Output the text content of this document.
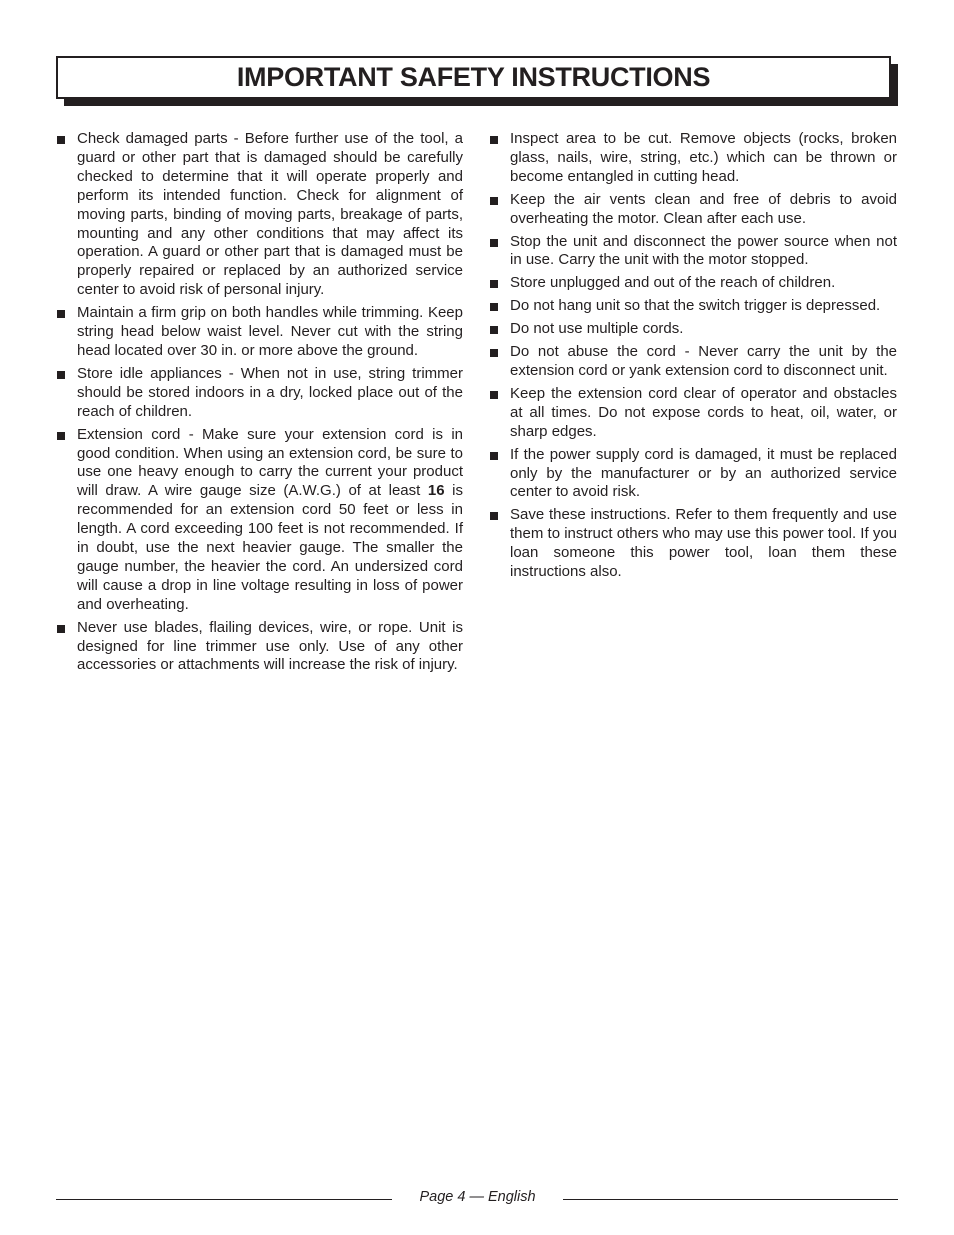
IMPORTANT SAFETY INSTRUCTIONS
Check damaged parts - Before further use of the tool, a guard or other part that is damaged should be carefully checked to determine that it will operate properly and perform its intended function. Check for alignment of moving parts, binding of moving parts, breakage of parts, mounting and any other conditions that may affect its operation. A guard or other part that is damaged must be properly repaired or replaced by an authorized service center to avoid risk of personal injury.
Maintain a firm grip on both handles while trimming. Keep string head below waist level. Never cut with the string head located over 30 in. or more above the ground.
Store idle appliances - When not in use, string trimmer should be stored indoors in a dry, locked place out of the reach of children.
Extension cord - Make sure your extension cord is in good condition. When using an extension cord, be sure to use one heavy enough to carry the current your product will draw. A wire gauge size (A.W.G.) of at least 16 is recommended for an extension cord 50 feet or less in length. A cord exceeding 100 feet is not recommended. If in doubt, use the next heavier gauge. The smaller the gauge number, the heavier the cord. An undersized cord will cause a drop in line voltage resulting in loss of power and overheating.
Never use blades, flailing devices, wire, or rope. Unit is designed for line trimmer use only. Use of any other accessories or attachments will increase the risk of injury.
Inspect area to be cut. Remove objects (rocks, broken glass, nails, wire, string, etc.) which can be thrown or become entangled in cutting head.
Keep the air vents clean and free of debris to avoid overheating the motor. Clean after each use.
Stop the unit and disconnect the power source when not in use. Carry the unit with the motor stopped.
Store unplugged and out of the reach of children.
Do not hang unit so that the switch trigger is depressed.
Do not use multiple cords.
Do not abuse the cord - Never carry the unit by the extension cord or yank extension cord to disconnect unit.
Keep the extension cord clear of operator and obstacles at all times. Do not expose cords to heat, oil, water, or sharp edges.
If the power supply cord is damaged, it must be replaced only by the manufacturer or by an authorized service center to avoid risk.
Save these instructions. Refer to them frequently and use them to instruct others who may use this power tool. If you loan someone this power tool, loan them these instructions also.
Page 4 — English
